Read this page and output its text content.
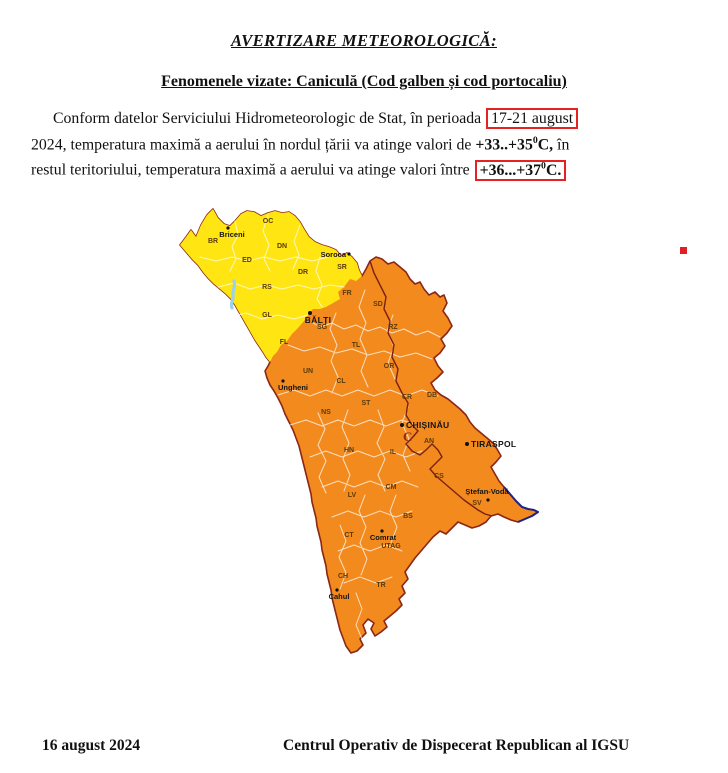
AVERTIZARE METEOROLOGICĂ:
Fenomenele vizate: Caniculă (Cod galben și cod portocaliu)
Conform datelor Serviciului Hidrometeorologic de Stat, în perioada 17-21 august
2024, temperatura maximă a aerului în nordul țării va atinge valori de $+33..+35^0C$, în
restul teritoriului, temperatura maximă a aerului va atinge valori între $+36...+37^0C$.
BR
OC
DN
ED
DR
SR
RS
GL
FR
SD
RZ
SG
TL
FL
UN
CL
OR
CR DB
ST
NS
AN
HN	IL
CS
CM
LV
SV
BS
CT
UTAG
CH
TR
Briceni
Soroca
BĂLȚI
Ungheni
CHIȘINĂU
TIRASPOL
Ștefan-Vodă
Comrat
Cahul
C
16 august 2024	Centrul Operativ de Dispecerat Republican al IGSU
